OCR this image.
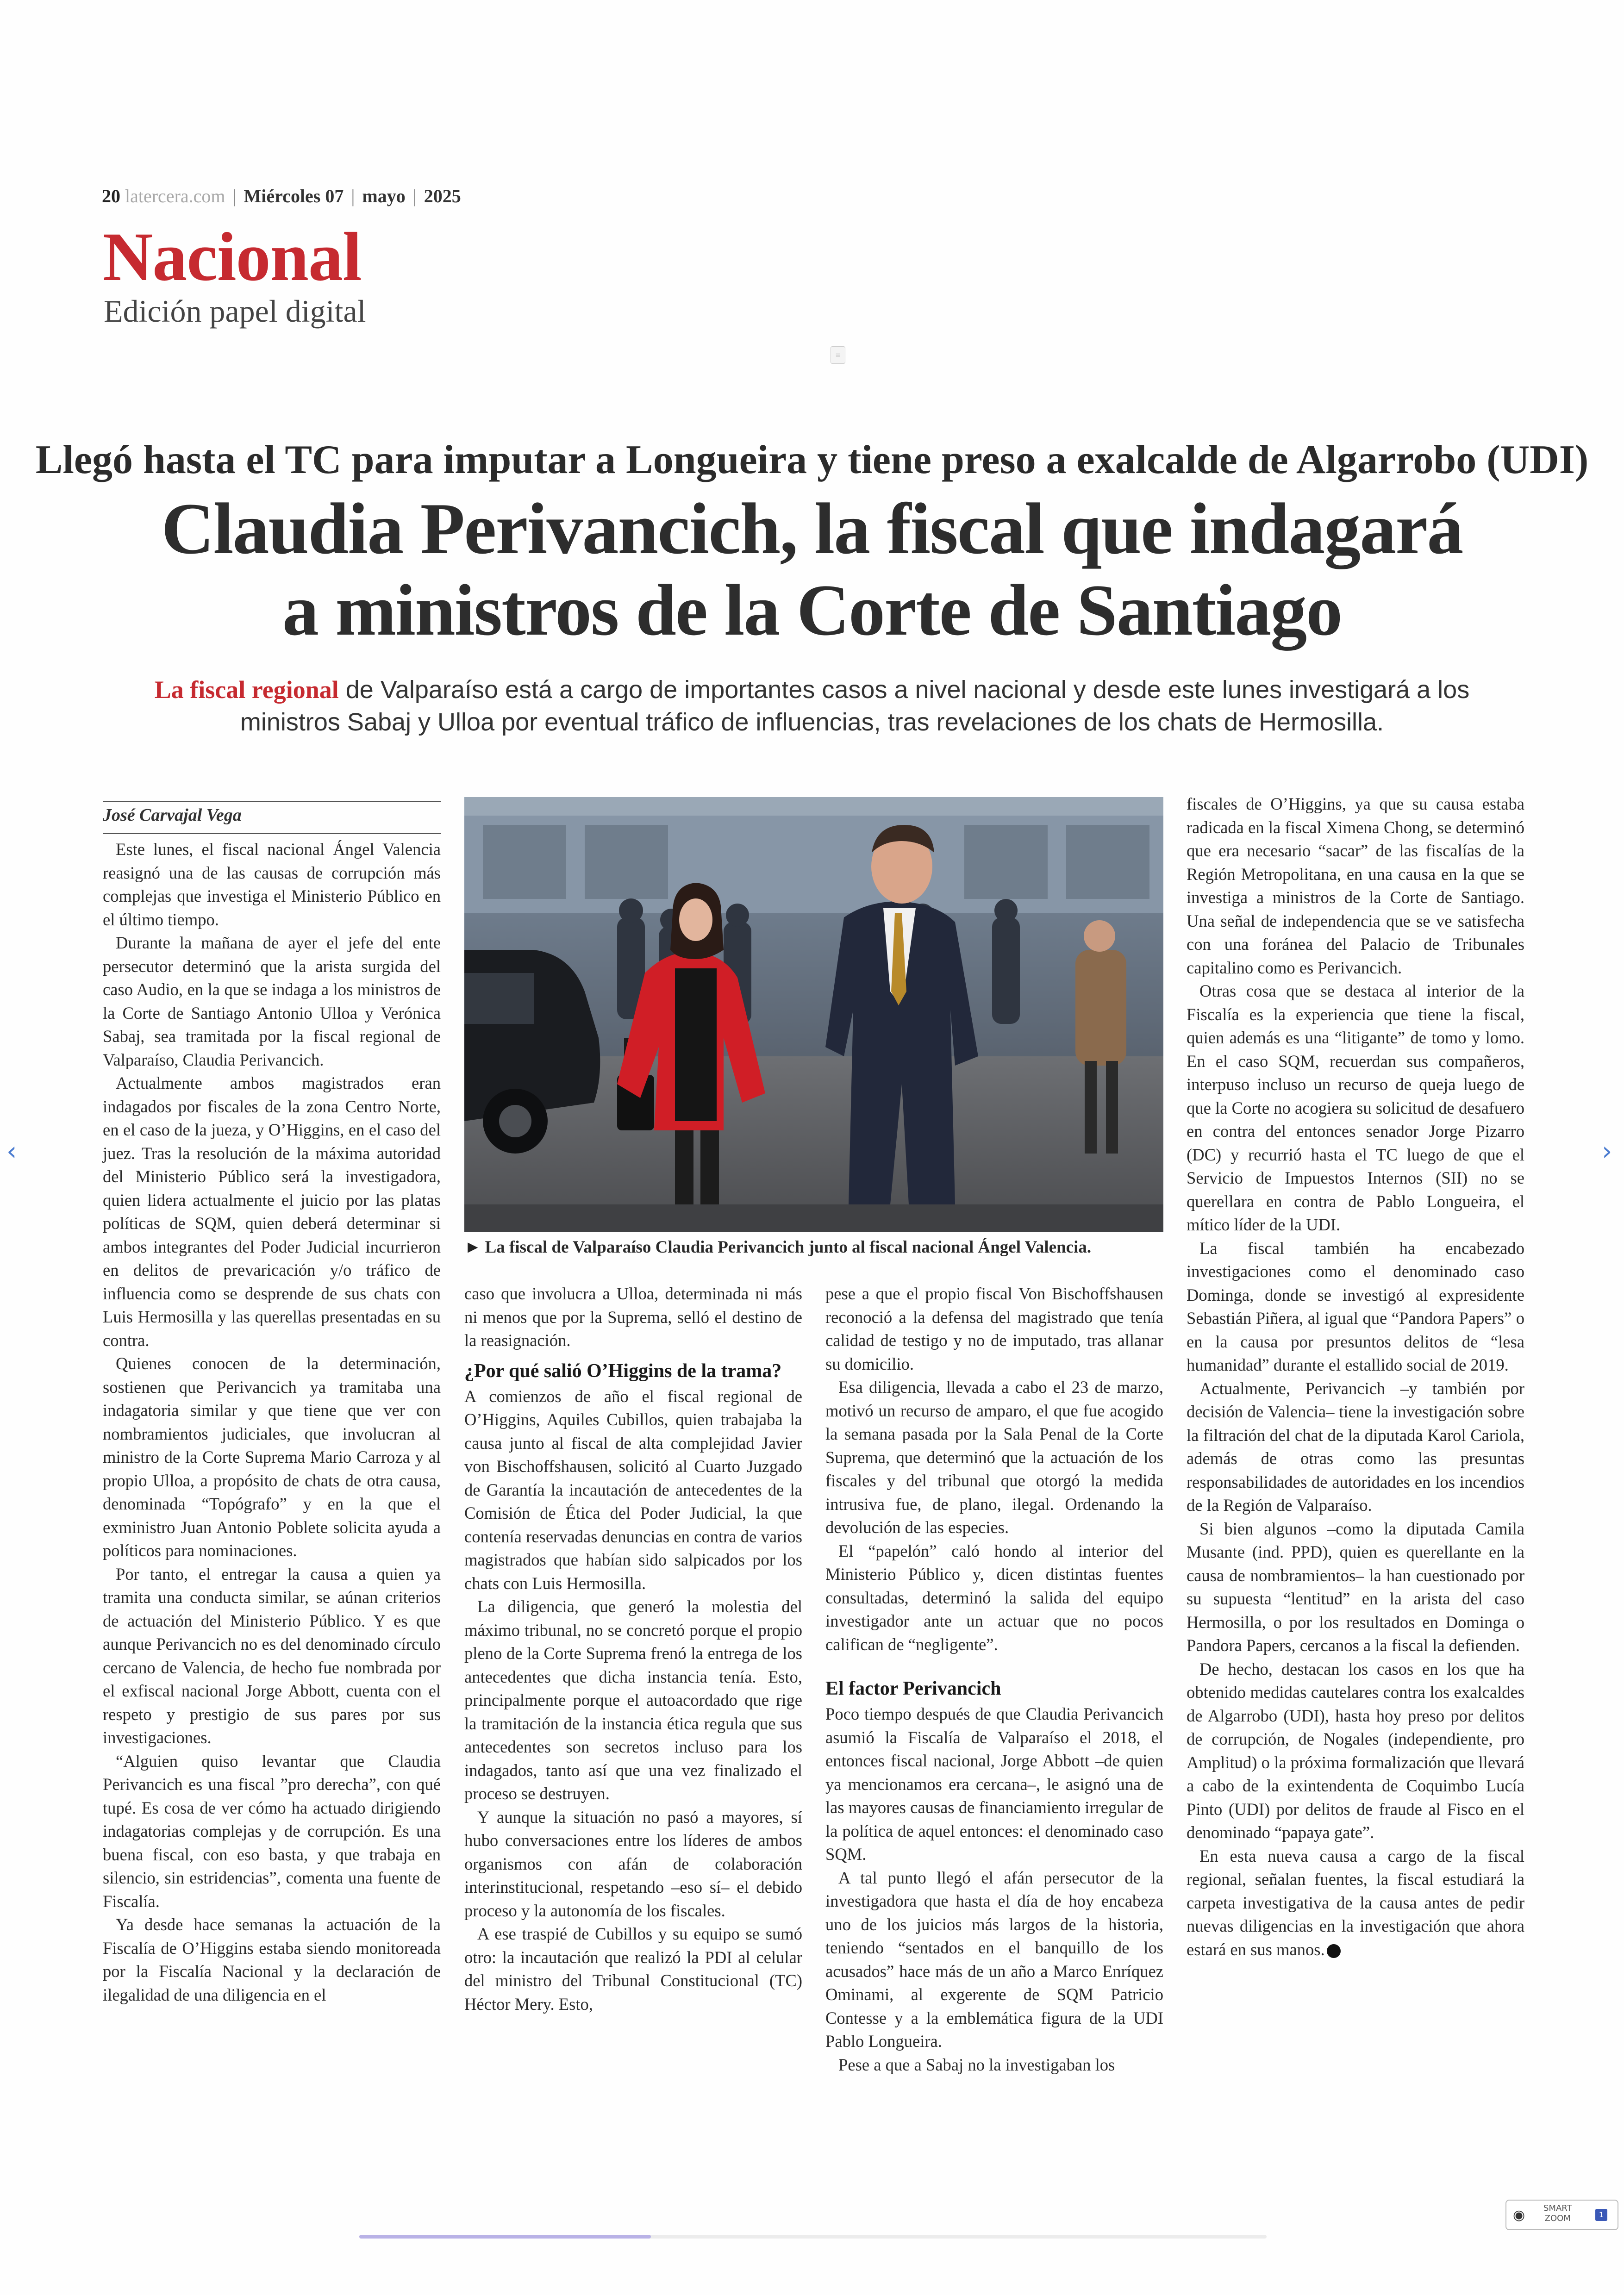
20 latercera.com | Miércoles 07 | mayo | 2025
Nacional
Edición papel digital
≡
Llegó hasta el TC para imputar a Longueira y tiene preso a exalcalde de Algarrobo (UDI)
Claudia Perivancich, la fiscal que indagará
a ministros de la Corte de Santiago
La fiscal regional de Valparaíso está a cargo de importantes casos a nivel nacional y desde este lunes investigará a los ministros Sabaj y Ulloa por eventual tráfico de influencias, tras revelaciones de los chats de Hermosilla.
José Carvajal Vega

Este lunes, el fiscal nacional Ángel Valencia reasignó una de las causas de corrupción más complejas que investiga el Ministerio Público en el último tiempo.

Durante la mañana de ayer el jefe del ente persecutor determinó que la arista surgida del caso Audio, en la que se indaga a los ministros de la Corte de Santiago Antonio Ulloa y Verónica Sabaj, sea tramitada por la fiscal regional de Valparaíso, Claudia Perivancich.

Actualmente ambos magistrados eran indagados por fiscales de la zona Centro Norte, en el caso de la jueza, y O’Higgins, en el caso del juez. Tras la resolución de la máxima autoridad del Ministerio Público será la investigadora, quien lidera actualmente el juicio por las platas políticas de SQM, quien deberá determinar si ambos integrantes del Poder Judicial incurrieron en delitos de prevaricación y/o tráfico de influencia como se desprende de sus chats con Luis Hermosilla y las querellas presentadas en su contra.

Quienes conocen de la determinación, sostienen que Perivancich ya tramitaba una indagatoria similar y que tiene que ver con nombramientos judiciales, que involucran al ministro de la Corte Suprema Mario Carroza y al propio Ulloa, a propósito de chats de otra causa, denominada “Topógrafo” y en la que el exministro Juan Antonio Poblete solicita ayuda a políticos para nominaciones.

Por tanto, el entregar la causa a quien ya tramita una conducta similar, se aúnan criterios de actuación del Ministerio Público. Y es que aunque Perivancich no es del denominado círculo cercano de Valencia, de hecho fue nombrada por el exfiscal nacional Jorge Abbott, cuenta con el respeto y prestigio de sus pares por sus investigaciones.

“Alguien quiso levantar que Claudia Perivancich es una fiscal ”pro derecha”, con qué tupé. Es cosa de ver cómo ha actuado dirigiendo indagatorias complejas y de corrupción. Es una buena fiscal, con eso basta, y que trabaja en silencio, sin estridencias”, comenta una fuente de Fiscalía.

Ya desde hace semanas la actuación de la Fiscalía de O’Higgins estaba siendo monitoreada por la Fiscalía Nacional y la declaración de ilegalidad de una diligencia en el

► La fiscal de Valparaíso Claudia Perivancich junto al fiscal nacional Ángel Valencia.

caso que involucra a Ulloa, determinada ni más ni menos que por la Suprema, selló el destino de la reasignación.

¿Por qué salió O’Higgins de la trama?

A comienzos de año el fiscal regional de O’Higgins, Aquiles Cubillos, quien trabajaba la causa junto al fiscal de alta complejidad Javier von Bischoffshausen, solicitó al Cuarto Juzgado de Garantía la incautación de antecedentes de la Comisión de Ética del Poder Judicial, la que contenía reservadas denuncias en contra de varios magistrados que habían sido salpicados por los chats con Luis Hermosilla.

La diligencia, que generó la molestia del máximo tribunal, no se concretó porque el propio pleno de la Corte Suprema frenó la entrega de los antecedentes que dicha instancia tenía. Esto, principalmente porque el autoacordado que rige la tramitación de la instancia ética regula que sus antecedentes son secretos incluso para los indagados, tanto así que una vez finalizado el proceso se destruyen.

Y aunque la situación no pasó a mayores, sí hubo conversaciones entre los líderes de ambos organismos con afán de colaboración interinstitucional, respetando –eso sí– el debido proceso y la autonomía de los fiscales.

A ese traspié de Cubillos y su equipo se sumó otro: la incautación que realizó la PDI al celular del ministro del Tribunal Constitucional (TC) Héctor Mery. Esto,

pese a que el propio fiscal Von Bischoffshausen reconoció a la defensa del magistrado que tenía calidad de testigo y no de imputado, tras allanar su domicilio.

Esa diligencia, llevada a cabo el 23 de marzo, motivó un recurso de amparo, el que fue acogido la semana pasada por la Sala Penal de la Corte Suprema, que determinó que la actuación de los fiscales y del tribunal que otorgó la medida intrusiva fue, de plano, ilegal. Ordenando la devolución de las especies.

El “papelón” caló hondo al interior del Ministerio Público y, dicen distintas fuentes consultadas, determinó la salida del equipo investigador ante un actuar que no pocos califican de “negligente”.

El factor Perivancich

Poco tiempo después de que Claudia Perivancich asumió la Fiscalía de Valparaíso el 2018, el entonces fiscal nacional, Jorge Abbott –de quien ya mencionamos era cercana–, le asignó una de las mayores causas de financiamiento irregular de la política de aquel entonces: el denominado caso SQM.

A tal punto llegó el afán persecutor de la investigadora que hasta el día de hoy encabeza uno de los juicios más largos de la historia, teniendo “sentados en el banquillo de los acusados” hace más de un año a Marco Enríquez Ominami, al exgerente de SQM Patricio Contesse y a la emblemática figura de la UDI Pablo Longueira.

Pese a que a Sabaj no la investigaban los

fiscales de O’Higgins, ya que su causa estaba radicada en la fiscal Ximena Chong, se determinó que era necesario “sacar” de las fiscalías de la Región Metropolitana, en una causa en la que se investiga a ministros de la Corte de Santiago. Una señal de independencia que se ve satisfecha con una foránea del Palacio de Tribunales capitalino como es Perivancich.

Otras cosa que se destaca al interior de la Fiscalía es la experiencia que tiene la fiscal, quien además es una “litigante” de tomo y lomo. En el caso SQM, recuerdan sus compañeros, interpuso incluso un recurso de queja luego de que la Corte no acogiera su solicitud de desafuero en contra del entonces senador Jorge Pizarro (DC) y recurrió hasta el TC luego de que el Servicio de Impuestos Internos (SII) no se querellara en contra de Pablo Longueira, el mítico líder de la UDI.

La fiscal también ha encabezado investigaciones como el denominado caso Dominga, donde se investigó al expresidente Sebastián Piñera, al igual que “Pandora Papers” o en la causa por presuntos delitos de “lesa humanidad” durante el estallido social de 2019.

Actualmente, Perivancich –y también por decisión de Valencia– tiene la investigación sobre la filtración del chat de la diputada Karol Cariola, además de otras como las presuntas responsabilidades de autoridades en los incendios de la Región de Valparaíso.

Si bien algunos –como la diputada Camila Musante (ind. PPD), quien es querellante en la causa de nombramientos– la han cuestionado por su supuesta “lentitud” en la arista del caso Hermosilla, o por los resultados en Dominga o Pandora Papers, cercanos a la fiscal la defienden.

De hecho, destacan los casos en los que ha obtenido medidas cautelares contra los exalcaldes de Algarrobo (UDI), hasta hoy preso por delitos de corrupción, de Nogales (independiente, pro Amplitud) o la próxima formalización que llevará a cabo de la exintendenta de Coquimbo Lucía Pinto (UDI) por delitos de fraude al Fisco en el denominado “papaya gate”.

En esta nueva causa a cargo de la fiscal regional, señalan fuentes, la fiscal estudiará la carpeta investigativa de la causa antes de pedir nuevas diligencias en la investigación que ahora estará en sus manos.

‹	›
◉ SMART
ZOOM	1
